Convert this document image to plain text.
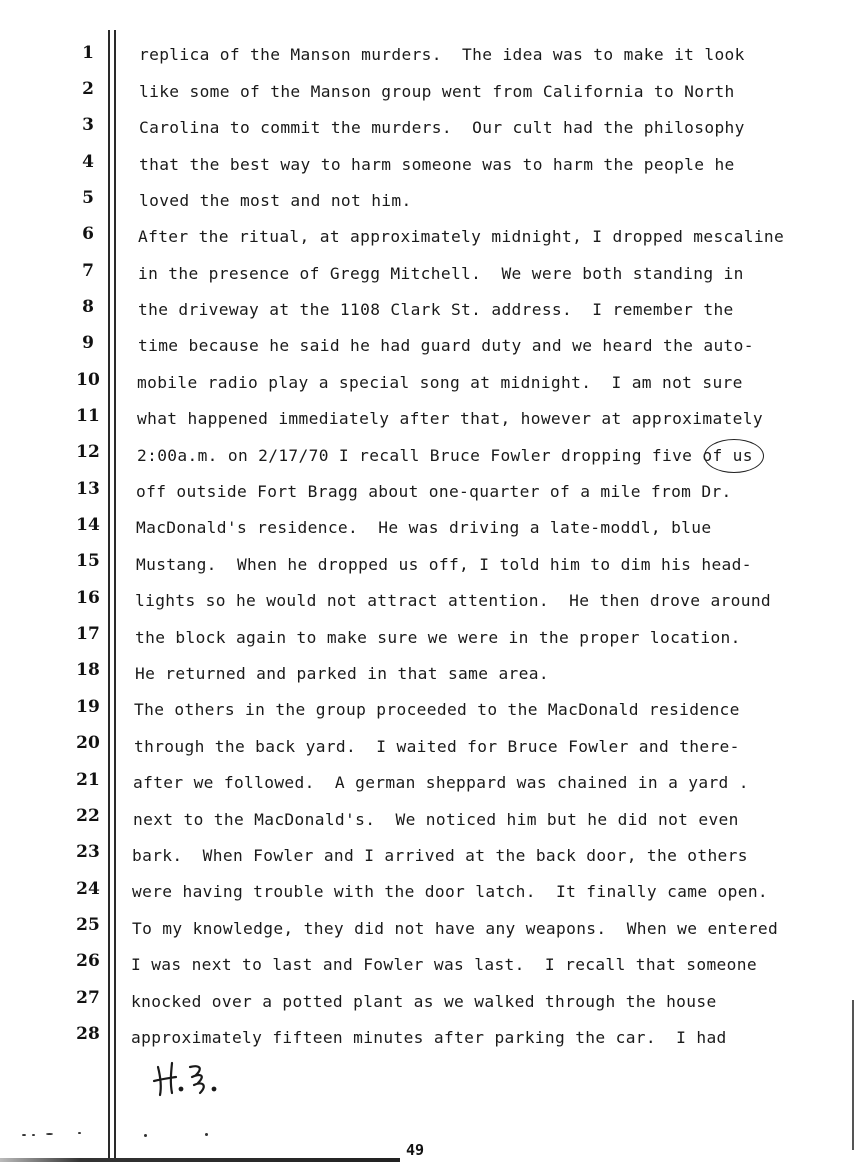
1
2
3
4
5
6
7
8
9
10
11
12
13
14
15
16
17
18
19
20
21
22
23
24
25
26
27
28
replica of the Manson murders.  The idea was to make it look
like some of the Manson group went from California to North
Carolina to commit the murders.  Our cult had the philosophy
that the best way to harm someone was to harm the people he
loved the most and not him.
After the ritual, at approximately midnight, I dropped mescaline
in the presence of Gregg Mitchell.  We were both standing in
the driveway at the 1108 Clark St. address.  I remember the
time because he said he had guard duty and we heard the auto-
mobile radio play a special song at midnight.  I am not sure
what happened immediately after that, however at approximately
2:00a.m. on 2/17/70 I recall Bruce Fowler dropping five of us
off outside Fort Bragg about one-quarter of a mile from Dr.
MacDonald's residence.  He was driving a late-moddl, blue
Mustang.  When he dropped us off, I told him to dim his head-
lights so he would not attract attention.  He then drove around
the block again to make sure we were in the proper location.
He returned and parked in that same area.
The others in the group proceeded to the MacDonald residence
through the back yard.  I waited for Bruce Fowler and there-
after we followed.  A german sheppard was chained in a yard .
next to the MacDonald's.  We noticed him but he did not even
bark.  When Fowler and I arrived at the back door, the others
were having trouble with the door latch.  It finally came open.
To my knowledge, they did not have any weapons.  When we entered
I was next to last and Fowler was last.  I recall that someone
knocked over a potted plant as we walked through the house
approximately fifteen minutes after parking the car.  I had
49
